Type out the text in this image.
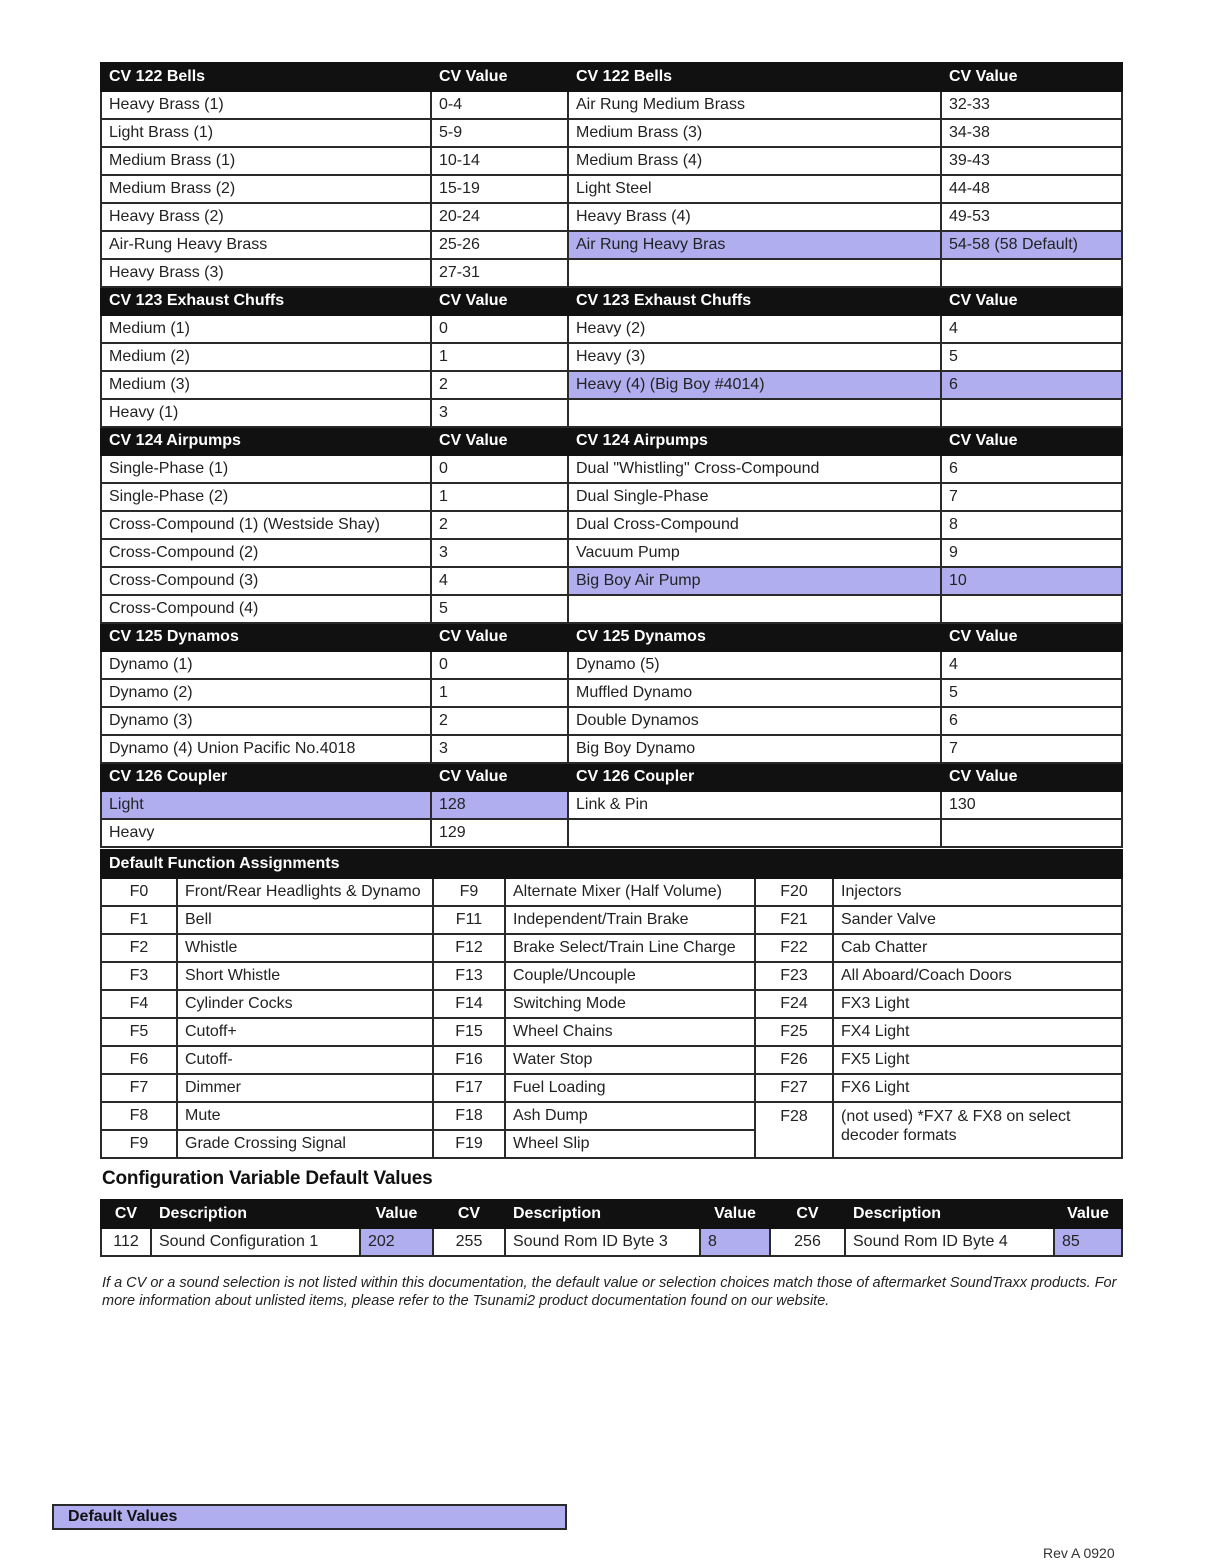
CV 122 Bells	CV Value	CV 122 Bells	CV Value
Heavy Brass (1)	0-4	Air Rung Medium Brass	32-33
Light Brass (1)	5-9	Medium Brass (3)	34-38
Medium Brass (1)	10-14	Medium Brass (4)	39-43
Medium Brass (2)	15-19	Light Steel	44-48
Heavy Brass (2)	20-24	Heavy Brass (4)	49-53
Air-Rung Heavy Brass	25-26	Air Rung Heavy Bras	54-58 (58 Default)
Heavy Brass (3)	27-31		
CV 123 Exhaust Chuffs	CV Value	CV 123 Exhaust Chuffs	CV Value
Medium (1)	0	Heavy (2)	4
Medium (2)	1	Heavy (3)	5
Medium (3)	2	Heavy (4) (Big Boy #4014)	6
Heavy (1)	3		
CV 124 Airpumps	CV Value	CV 124 Airpumps	CV Value
Single-Phase (1)	0	Dual "Whistling" Cross-Compound	6
Single-Phase (2)	1	Dual Single-Phase	7
Cross-Compound (1) (Westside Shay)	2	Dual Cross-Compound	8
Cross-Compound (2)	3	Vacuum Pump	9
Cross-Compound (3)	4	Big Boy Air Pump	10
Cross-Compound (4)	5		
CV 125 Dynamos	CV Value	CV 125 Dynamos	CV Value
Dynamo (1)	0	Dynamo (5)	4
Dynamo (2)	1	Muffled Dynamo	5
Dynamo (3)	2	Double Dynamos	6
Dynamo (4) Union Pacific No.4018	3	Big Boy Dynamo	7
CV 126 Coupler	CV Value	CV 126 Coupler	CV Value
Light	128	Link & Pin	130
Heavy	129		
Default Function Assignments					
F0	Front/Rear Headlights & Dynamo	F9	Alternate Mixer (Half Volume)	F20	Injectors
F1	Bell	F11	Independent/Train Brake	F21	Sander Valve
F2	Whistle	F12	Brake Select/Train Line Charge	F22	Cab Chatter
F3	Short Whistle	F13	Couple/Uncouple	F23	All Aboard/Coach Doors
F4	Cylinder Cocks	F14	Switching Mode	F24	FX3 Light
F5	Cutoff+	F15	Wheel Chains	F25	FX4 Light
F6	Cutoff-	F16	Water Stop	F26	FX5 Light
F7	Dimmer	F17	Fuel Loading	F27	FX6 Light
F8	Mute	F18	Ash Dump	F28	(not used) *FX7 & FX8 on select decoder formats
F9	Grade Crossing Signal	F19	Wheel Slip		
Configuration Variable Default Values
CV	Description	Value	CV	Description	Value	CV	Description	Value
112	Sound Configuration 1	202	255	Sound Rom ID Byte 3	8	256	Sound Rom ID Byte 4	85

If a CV or a sound selection is not listed within this documentation, the default value or selection choices match those of aftermarket SoundTraxx products. For more information about unlisted items, please refer to the Tsunami2 product documentation found on our website.

Default Values
Rev A 0920
